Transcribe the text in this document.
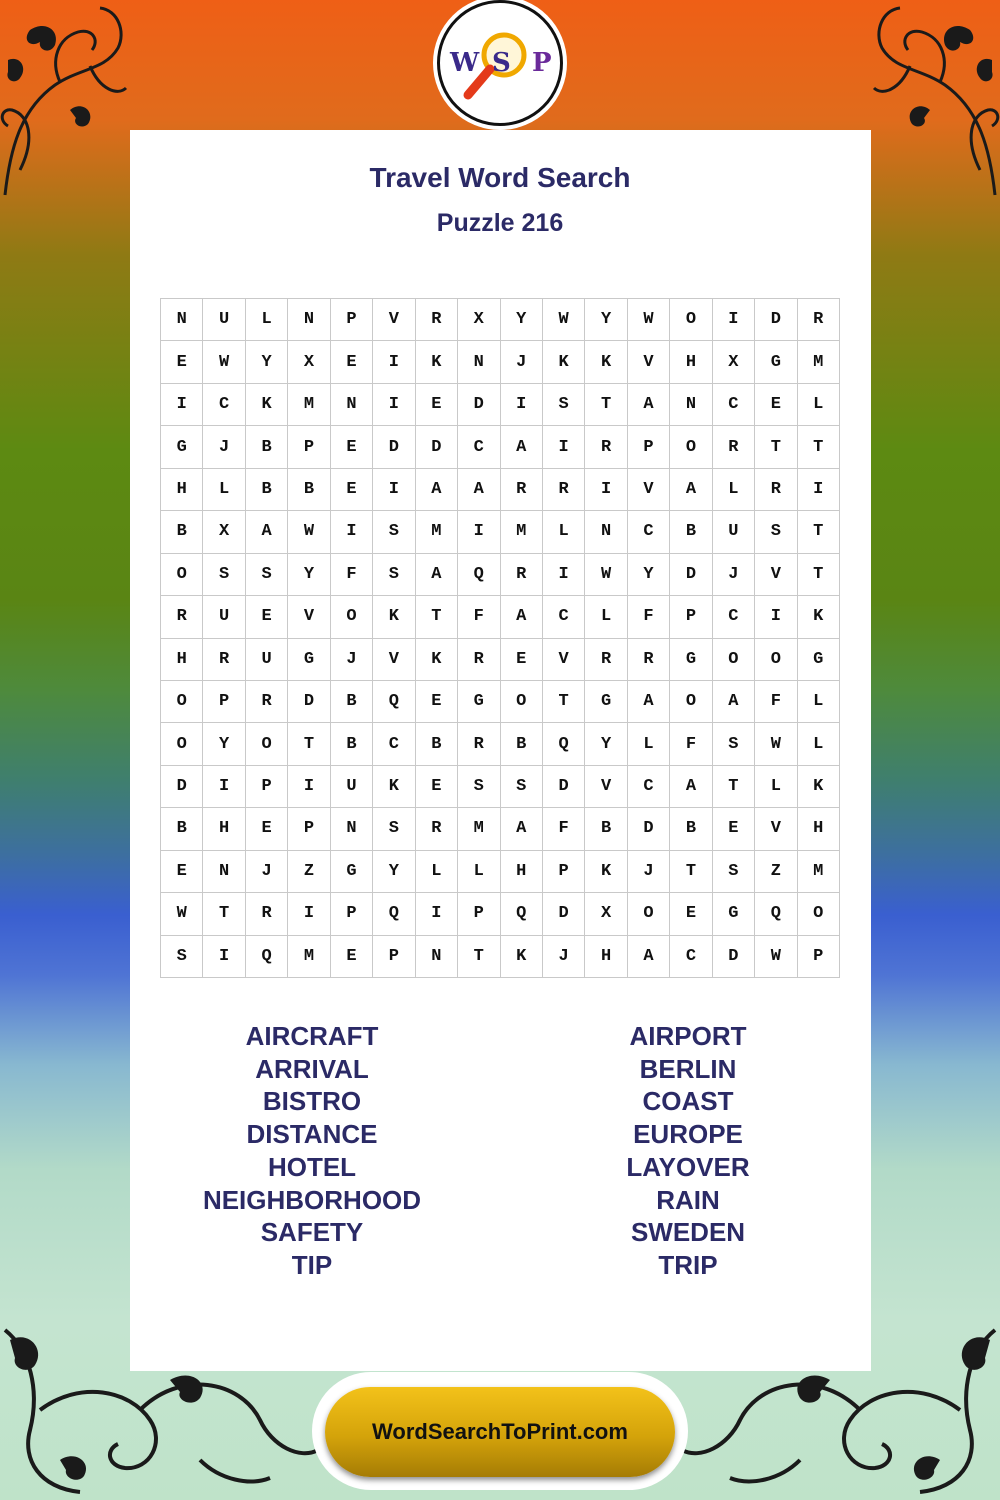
W S P
Travel Word Search
Puzzle 216
N	U	L	N	P	V	R	X	Y	W	Y	W	O	I	D	R
E	W	Y	X	E	I	K	N	J	K	K	V	H	X	G	M
I	C	K	M	N	I	E	D	I	S	T	A	N	C	E	L
G	J	B	P	E	D	D	C	A	I	R	P	O	R	T	T
H	L	B	B	E	I	A	A	R	R	I	V	A	L	R	I
B	X	A	W	I	S	M	I	M	L	N	C	B	U	S	T
O	S	S	Y	F	S	A	Q	R	I	W	Y	D	J	V	T
R	U	E	V	O	K	T	F	A	C	L	F	P	C	I	K
H	R	U	G	J	V	K	R	E	V	R	R	G	O	O	G
O	P	R	D	B	Q	E	G	O	T	G	A	O	A	F	L
O	Y	O	T	B	C	B	R	B	Q	Y	L	F	S	W	L
D	I	P	I	U	K	E	S	S	D	V	C	A	T	L	K
B	H	E	P	N	S	R	M	A	F	B	D	B	E	V	H
E	N	J	Z	G	Y	L	L	H	P	K	J	T	S	Z	M
W	T	R	I	P	Q	I	P	Q	D	X	O	E	G	Q	O
S	I	Q	M	E	P	N	T	K	J	H	A	C	D	W	P
AIRCRAFT
ARRIVAL
BISTRO
DISTANCE
HOTEL
NEIGHBORHOOD
SAFETY
TIP
AIRPORT
BERLIN
COAST
EUROPE
LAYOVER
RAIN
SWEDEN
TRIP
WordSearchToPrint.com
